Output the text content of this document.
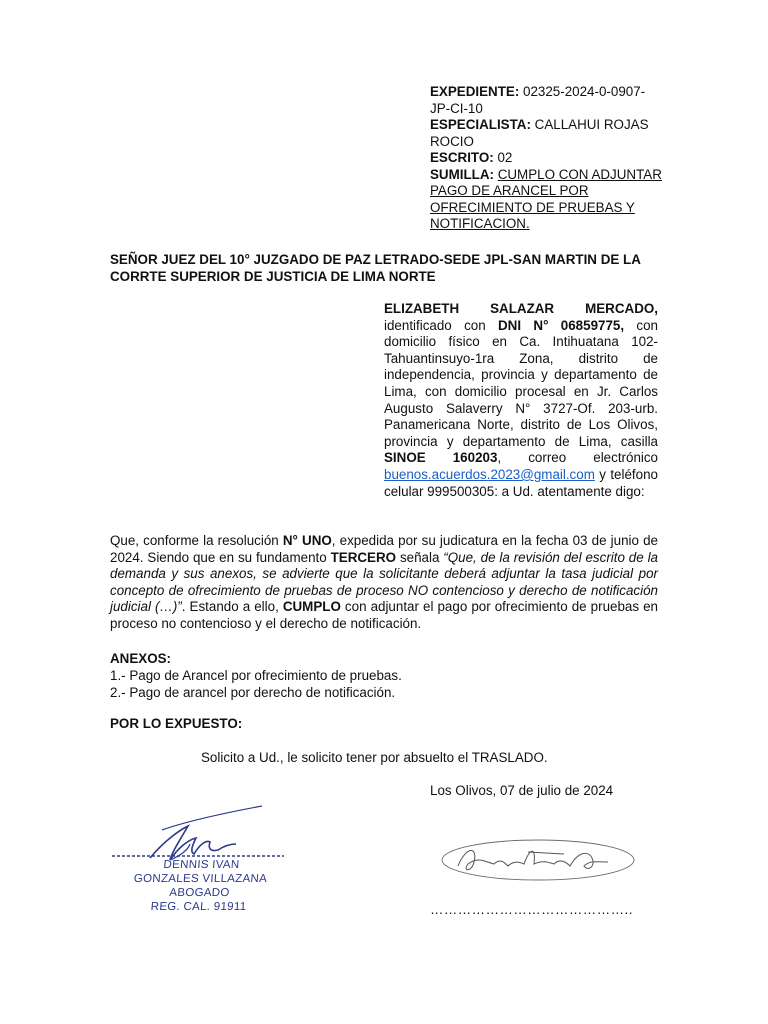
EXPEDIENTE: 02325-2024-0-0907-JP-CI-10
ESPECIALISTA: CALLAHUI ROJAS ROCIO
ESCRITO: 02
SUMILLA: CUMPLO CON ADJUNTAR PAGO DE ARANCEL POR OFRECIMIENTO DE PRUEBAS Y NOTIFICACION.
SEÑOR JUEZ DEL 10° JUZGADO DE PAZ LETRADO-SEDE JPL-SAN MARTIN DE LA CORRTE SUPERIOR DE JUSTICIA DE LIMA NORTE
ELIZABETH SALAZAR MERCADO,
identificado con DNI N° 06859775, con domicilio físico en Ca. Intihuatana 102-Tahuantinsuyo-1ra Zona, distrito de independencia, provincia y departamento de Lima, con domicilio procesal en Jr. Carlos Augusto Salaverry N° 3727-Of. 203-urb. Panamericana Norte, distrito de Los Olivos, provincia y departamento de Lima, casilla SINOE 160203, correo electrónico buenos.acuerdos.2023@gmail.com y teléfono celular 999500305: a Ud. atentamente digo:

Que, conforme la resolución N° UNO, expedida por su judicatura en la fecha 03 de junio de 2024. Siendo que en su fundamento TERCERO señala “Que, de la revisión del escrito de la demanda y sus anexos, se advierte que la solicitante deberá adjuntar la tasa judicial por concepto de ofrecimiento de pruebas de proceso NO contencioso y derecho de notificación judicial (…)”. Estando a ello, CUMPLO con adjuntar el pago por ofrecimiento de pruebas en proceso no contencioso y el derecho de notificación.

ANEXOS:

1.- Pago de Arancel por ofrecimiento de pruebas.

2.- Pago de arancel por derecho de notificación.

POR LO EXPUESTO:
Solicito a Ud., le solicito tener por absuelto el TRASLADO.
Los Olivos, 07 de julio de 2024
DENNIS IVAN
GONZALES VILLAZANA
ABOGADO
REG. CAL. 91911	……………………………………..
